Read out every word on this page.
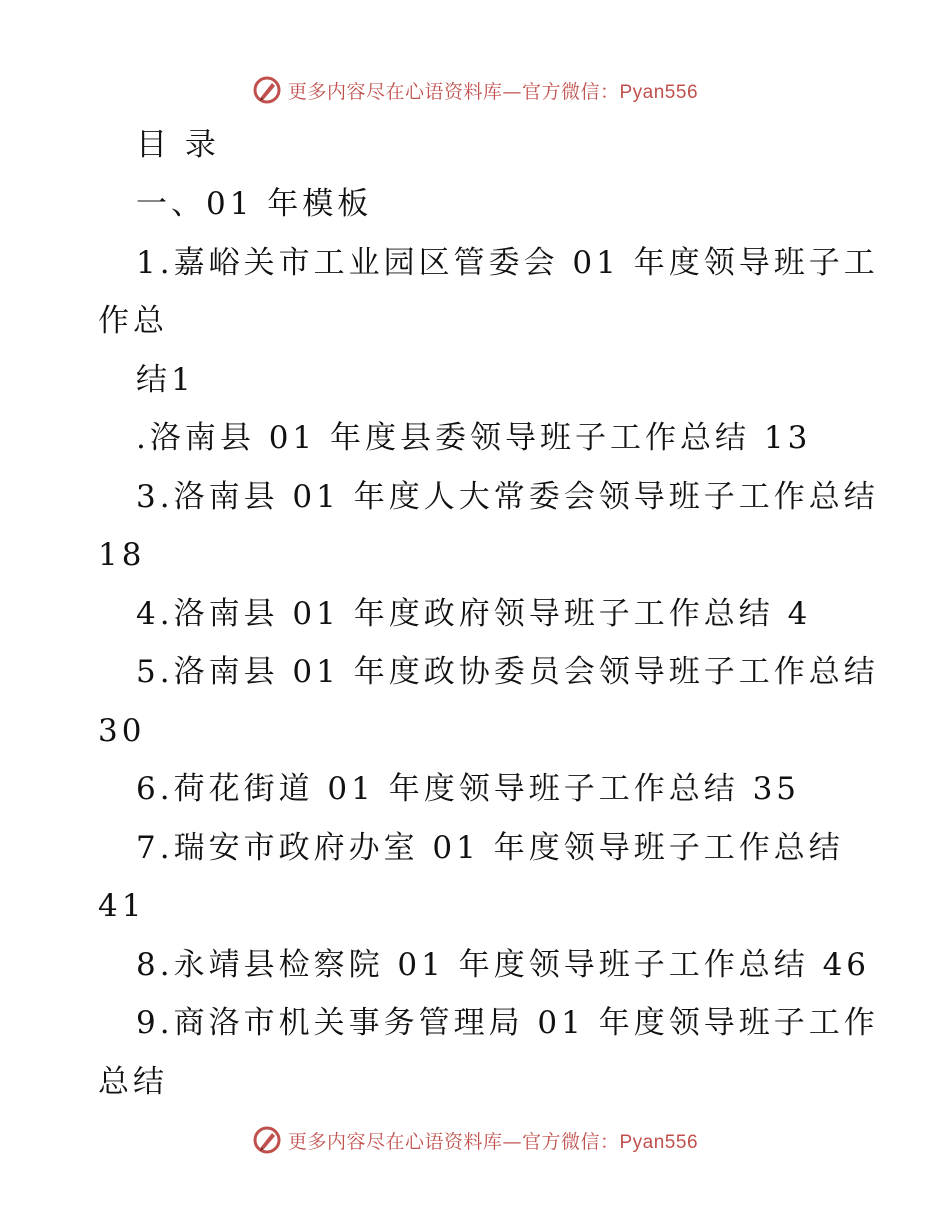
更多内容尽在心语资料库—官方微信：Pyan556
目 录
一、01 年模板
1.嘉峪关市工业园区管委会 01 年度领导班子工
作总
结1
.洛南县 01 年度县委领导班子工作总结 13
3.洛南县 01 年度人大常委会领导班子工作总结
18
4.洛南县 01 年度政府领导班子工作总结 4
5.洛南县 01 年度政协委员会领导班子工作总结
30
6.荷花街道 01 年度领导班子工作总结 35
7.瑞安市政府办室 01 年度领导班子工作总结
41
8.永靖县检察院 01 年度领导班子工作总结 46
9.商洛市机关事务管理局 01 年度领导班子工作
总结
更多内容尽在心语资料库—官方微信：Pyan556
